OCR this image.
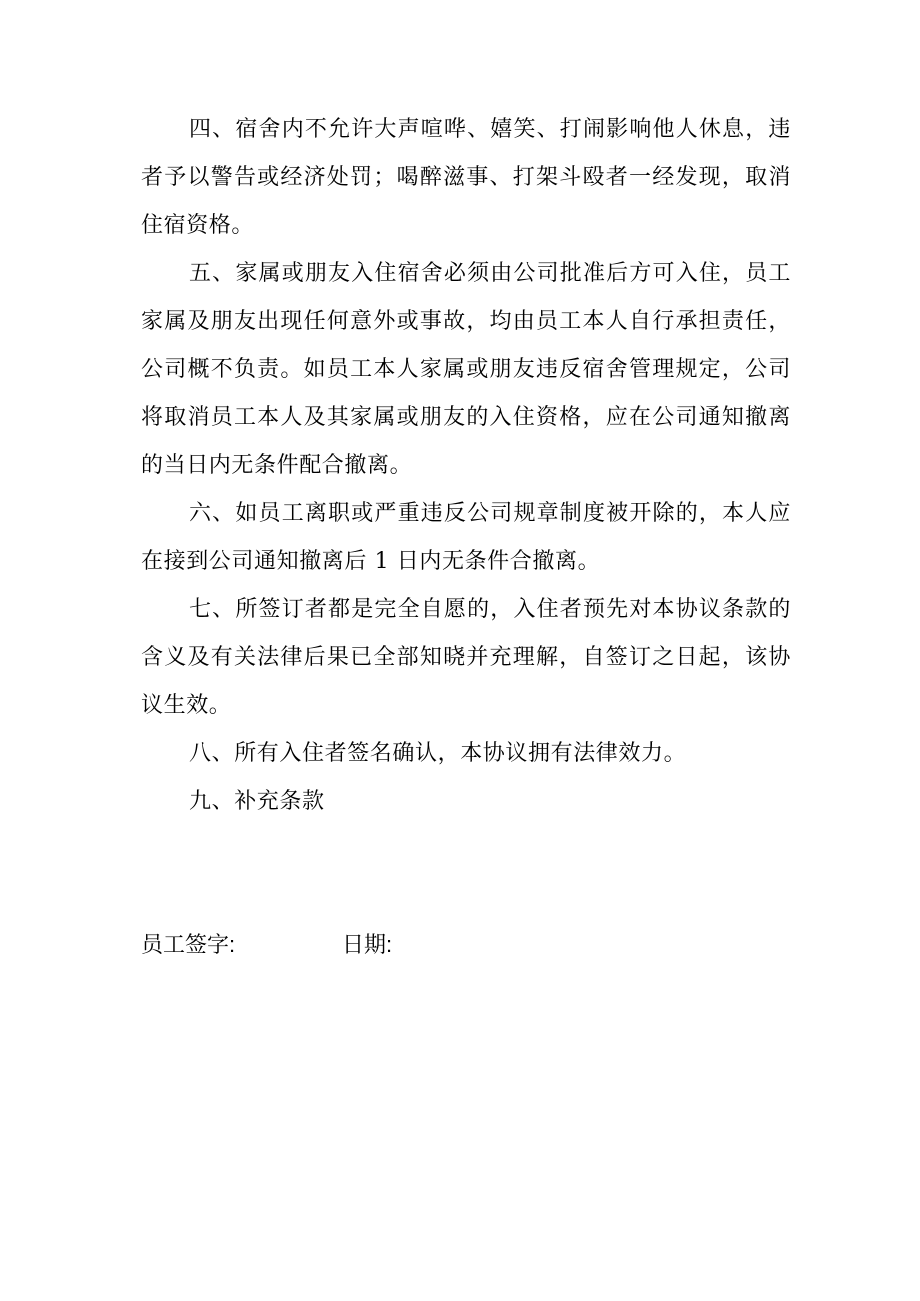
四、宿舍内不允许大声喧哗、嬉笑、打闹影响他人休息，违者予以警告或经济处罚；喝醉滋事、打架斗殴者一经发现，取消住宿资格。

五、家属或朋友入住宿舍必须由公司批准后方可入住，员工家属及朋友出现任何意外或事故，均由员工本人自行承担责任，公司概不负责。如员工本人家属或朋友违反宿舍管理规定，公司将取消员工本人及其家属或朋友的入住资格，应在公司通知撤离的当日内无条件配合撤离。

六、如员工离职或严重违反公司规章制度被开除的，本人应在接到公司通知撤离后 1 日内无条件合撤离。

七、所签订者都是完全自愿的，入住者预先对本协议条款的含义及有关法律后果已全部知晓并充理解，自签订之日起，该协议生效。

八、所有入住者签名确认，本协议拥有法律效力。

九、补充条款

员工签字:	日期:
